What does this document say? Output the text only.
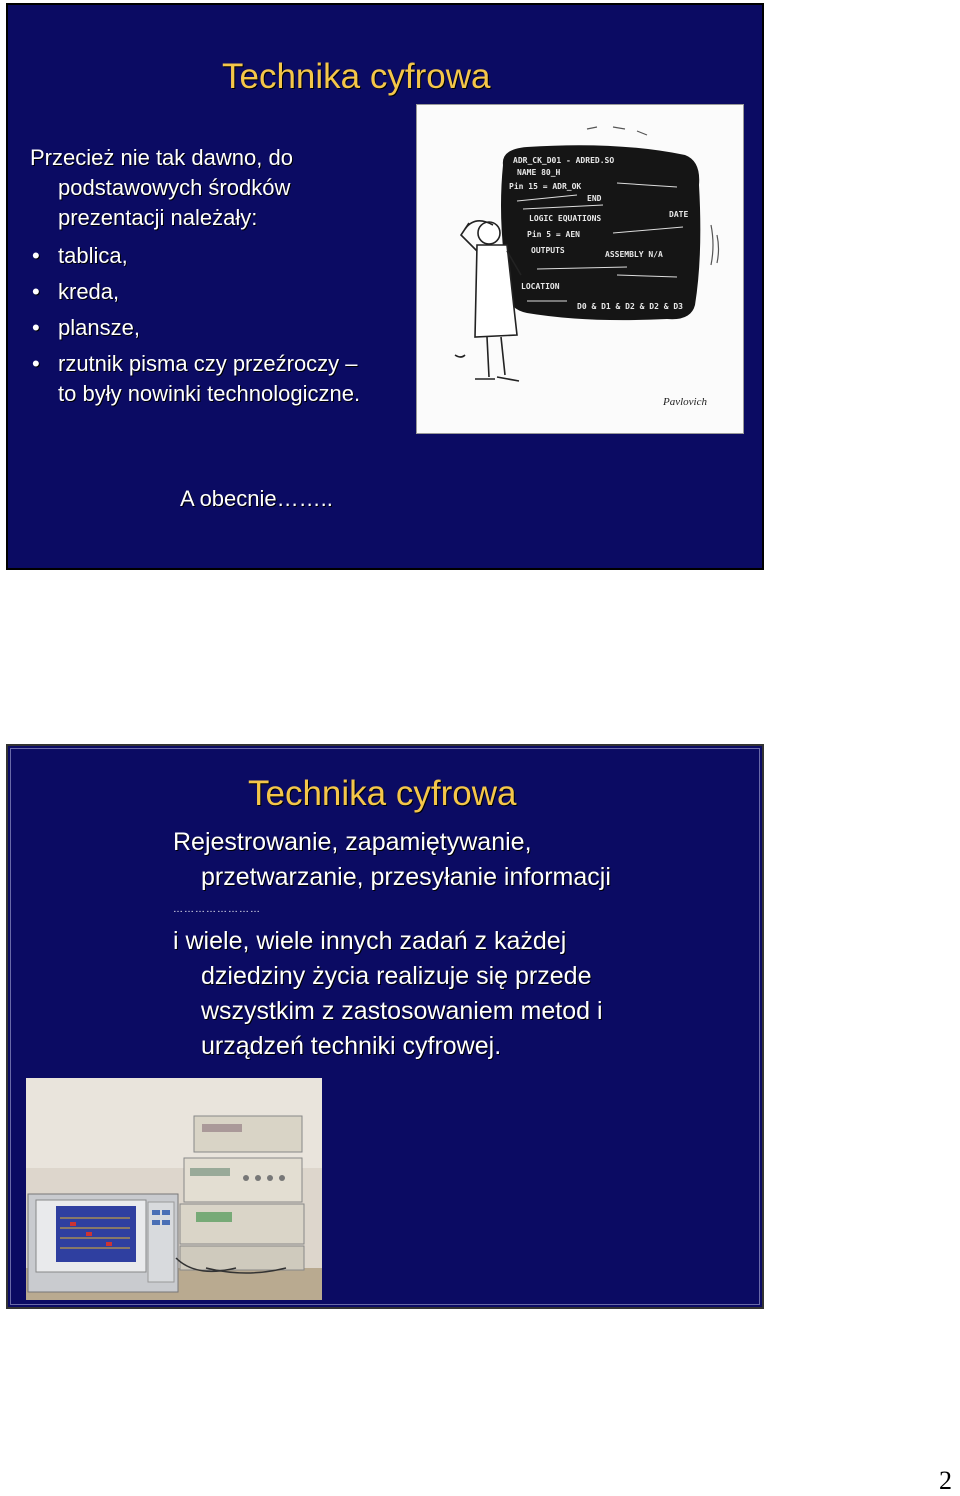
Technika cyfrowa
Przecież nie tak dawno, do
podstawowych środków
prezentacji należały:
• tablica,
• kreda,
• plansze,
• rzutnik pisma czy przeźroczy –
to były nowinki technologiczne.
ADR_CK_D01 - ADRED.SO
NAME 80_H
Pin 15 = ADR_OK
END
LOGIC EQUATIONS	DATE
Pin 5 = AEN
OUTPUTS	ASSEMBLY N/A
LOCATION
D0 & D1 & D2 & D2 & D3
Pavlovich
A obecnie……..
Technika cyfrowa
Rejestrowanie, zapamiętywanie,
przetwarzanie, przesyłanie informacji
……………………
i wiele, wiele innych zadań z każdej
dziedziny życia realizuje się przede
wszystkim z zastosowaniem metod i
urządzeń techniki cyfrowej.
2
